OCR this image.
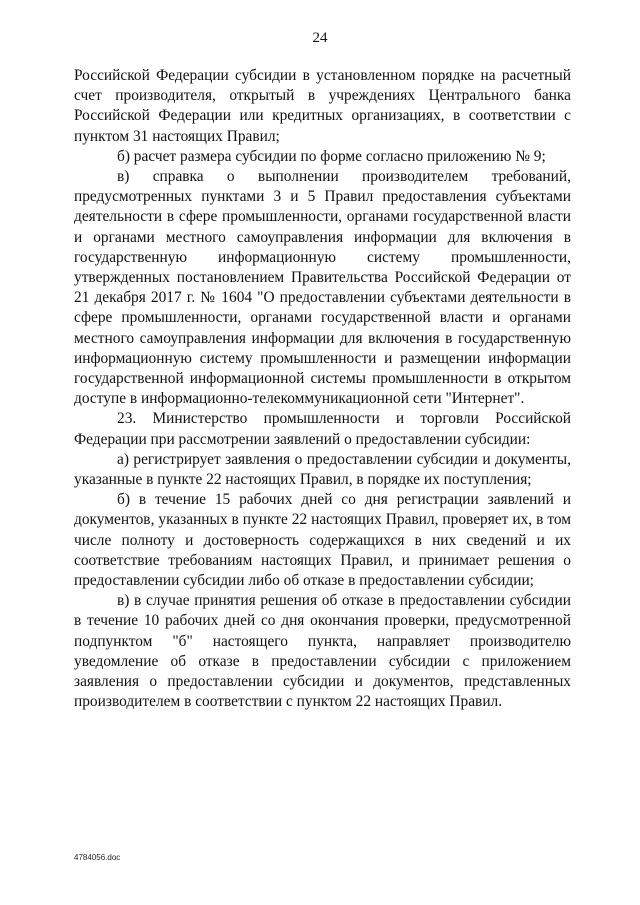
24

Российской Федерации субсидии в установленном порядке на расчетный счет производителя, открытый в учреждениях Центрального банка Российской Федерации или кредитных организациях, в соответствии с пунктом 31 настоящих Правил;

б) расчет размера субсидии по форме согласно приложению № 9;

в) справка о выполнении производителем требований, предусмотренных пунктами 3 и 5 Правил предоставления субъектами деятельности в сфере промышленности, органами государственной власти и органами местного самоуправления информации для включения в государственную информационную систему промышленности, утвержденных постановлением Правительства Российской Федерации от 21 декабря 2017 г. № 1604 "О предоставлении субъектами деятельности в сфере промышленности, органами государственной власти и органами местного самоуправления информации для включения в государственную информационную систему промышленности и размещении информации государственной информационной системы промышленности в открытом доступе в информационно-телекоммуникационной сети "Интернет".

23. Министерство промышленности и торговли Российской Федерации при рассмотрении заявлений о предоставлении субсидии:

а) регистрирует заявления о предоставлении субсидии и документы, указанные в пункте 22 настоящих Правил, в порядке их поступления;

б) в течение 15 рабочих дней со дня регистрации заявлений и документов, указанных в пункте 22 настоящих Правил, проверяет их, в том числе полноту и достоверность содержащихся в них сведений и их соответствие требованиям настоящих Правил, и принимает решения о предоставлении субсидии либо об отказе в предоставлении субсидии;

в) в случае принятия решения об отказе в предоставлении субсидии в течение 10 рабочих дней со дня окончания проверки, предусмотренной подпунктом "б" настоящего пункта, направляет производителю уведомление об отказе в предоставлении субсидии с приложением заявления о предоставлении субсидии и документов, представленных производителем в соответствии с пунктом 22 настоящих Правил.

4784056.doc
